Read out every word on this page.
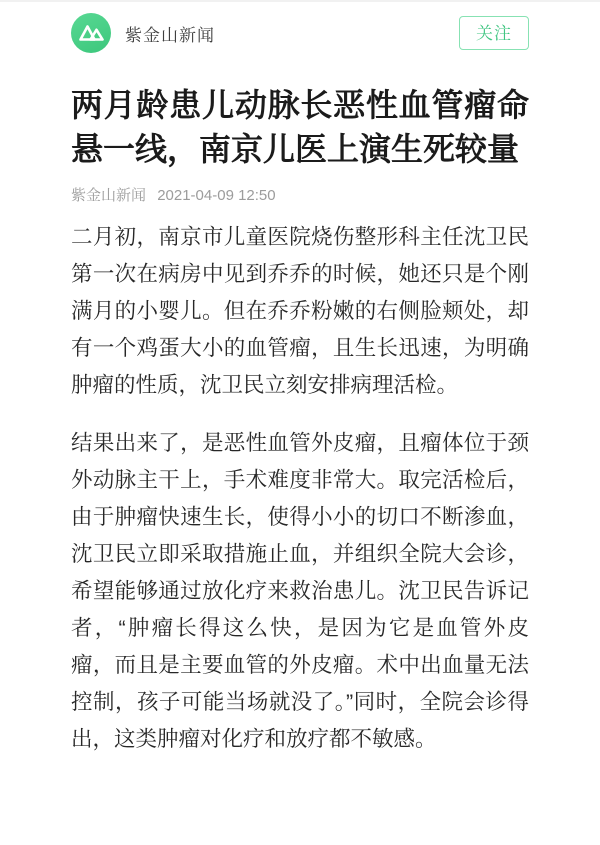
紫金山新闻	关注
两月龄患儿动脉长恶性血管瘤命悬一线，南京儿医上演生死较量
紫金山新闻 2021-04-09 12:50

二月初，南京市儿童医院烧伤整形科主任沈卫民第一次在病房中见到乔乔的时候，她还只是个刚满月的小婴儿。但在乔乔粉嫩的右侧脸颊处，却有一个鸡蛋大小的血管瘤，且生长迅速，为明确肿瘤的性质，沈卫民立刻安排病理活检。

结果出来了，是恶性血管外皮瘤，且瘤体位于颈外动脉主干上，手术难度非常大。取完活检后，由于肿瘤快速生长，使得小小的切口不断渗血，沈卫民立即采取措施止血，并组织全院大会诊，希望能够通过放化疗来救治患儿。沈卫民告诉记者，“肿瘤长得这么快，是因为它是血管外皮瘤，而且是主要血管的外皮瘤。术中出血量无法控制，孩子可能当场就没了。”同时，全院会诊得出，这类肿瘤对化疗和放疗都不敏感。
